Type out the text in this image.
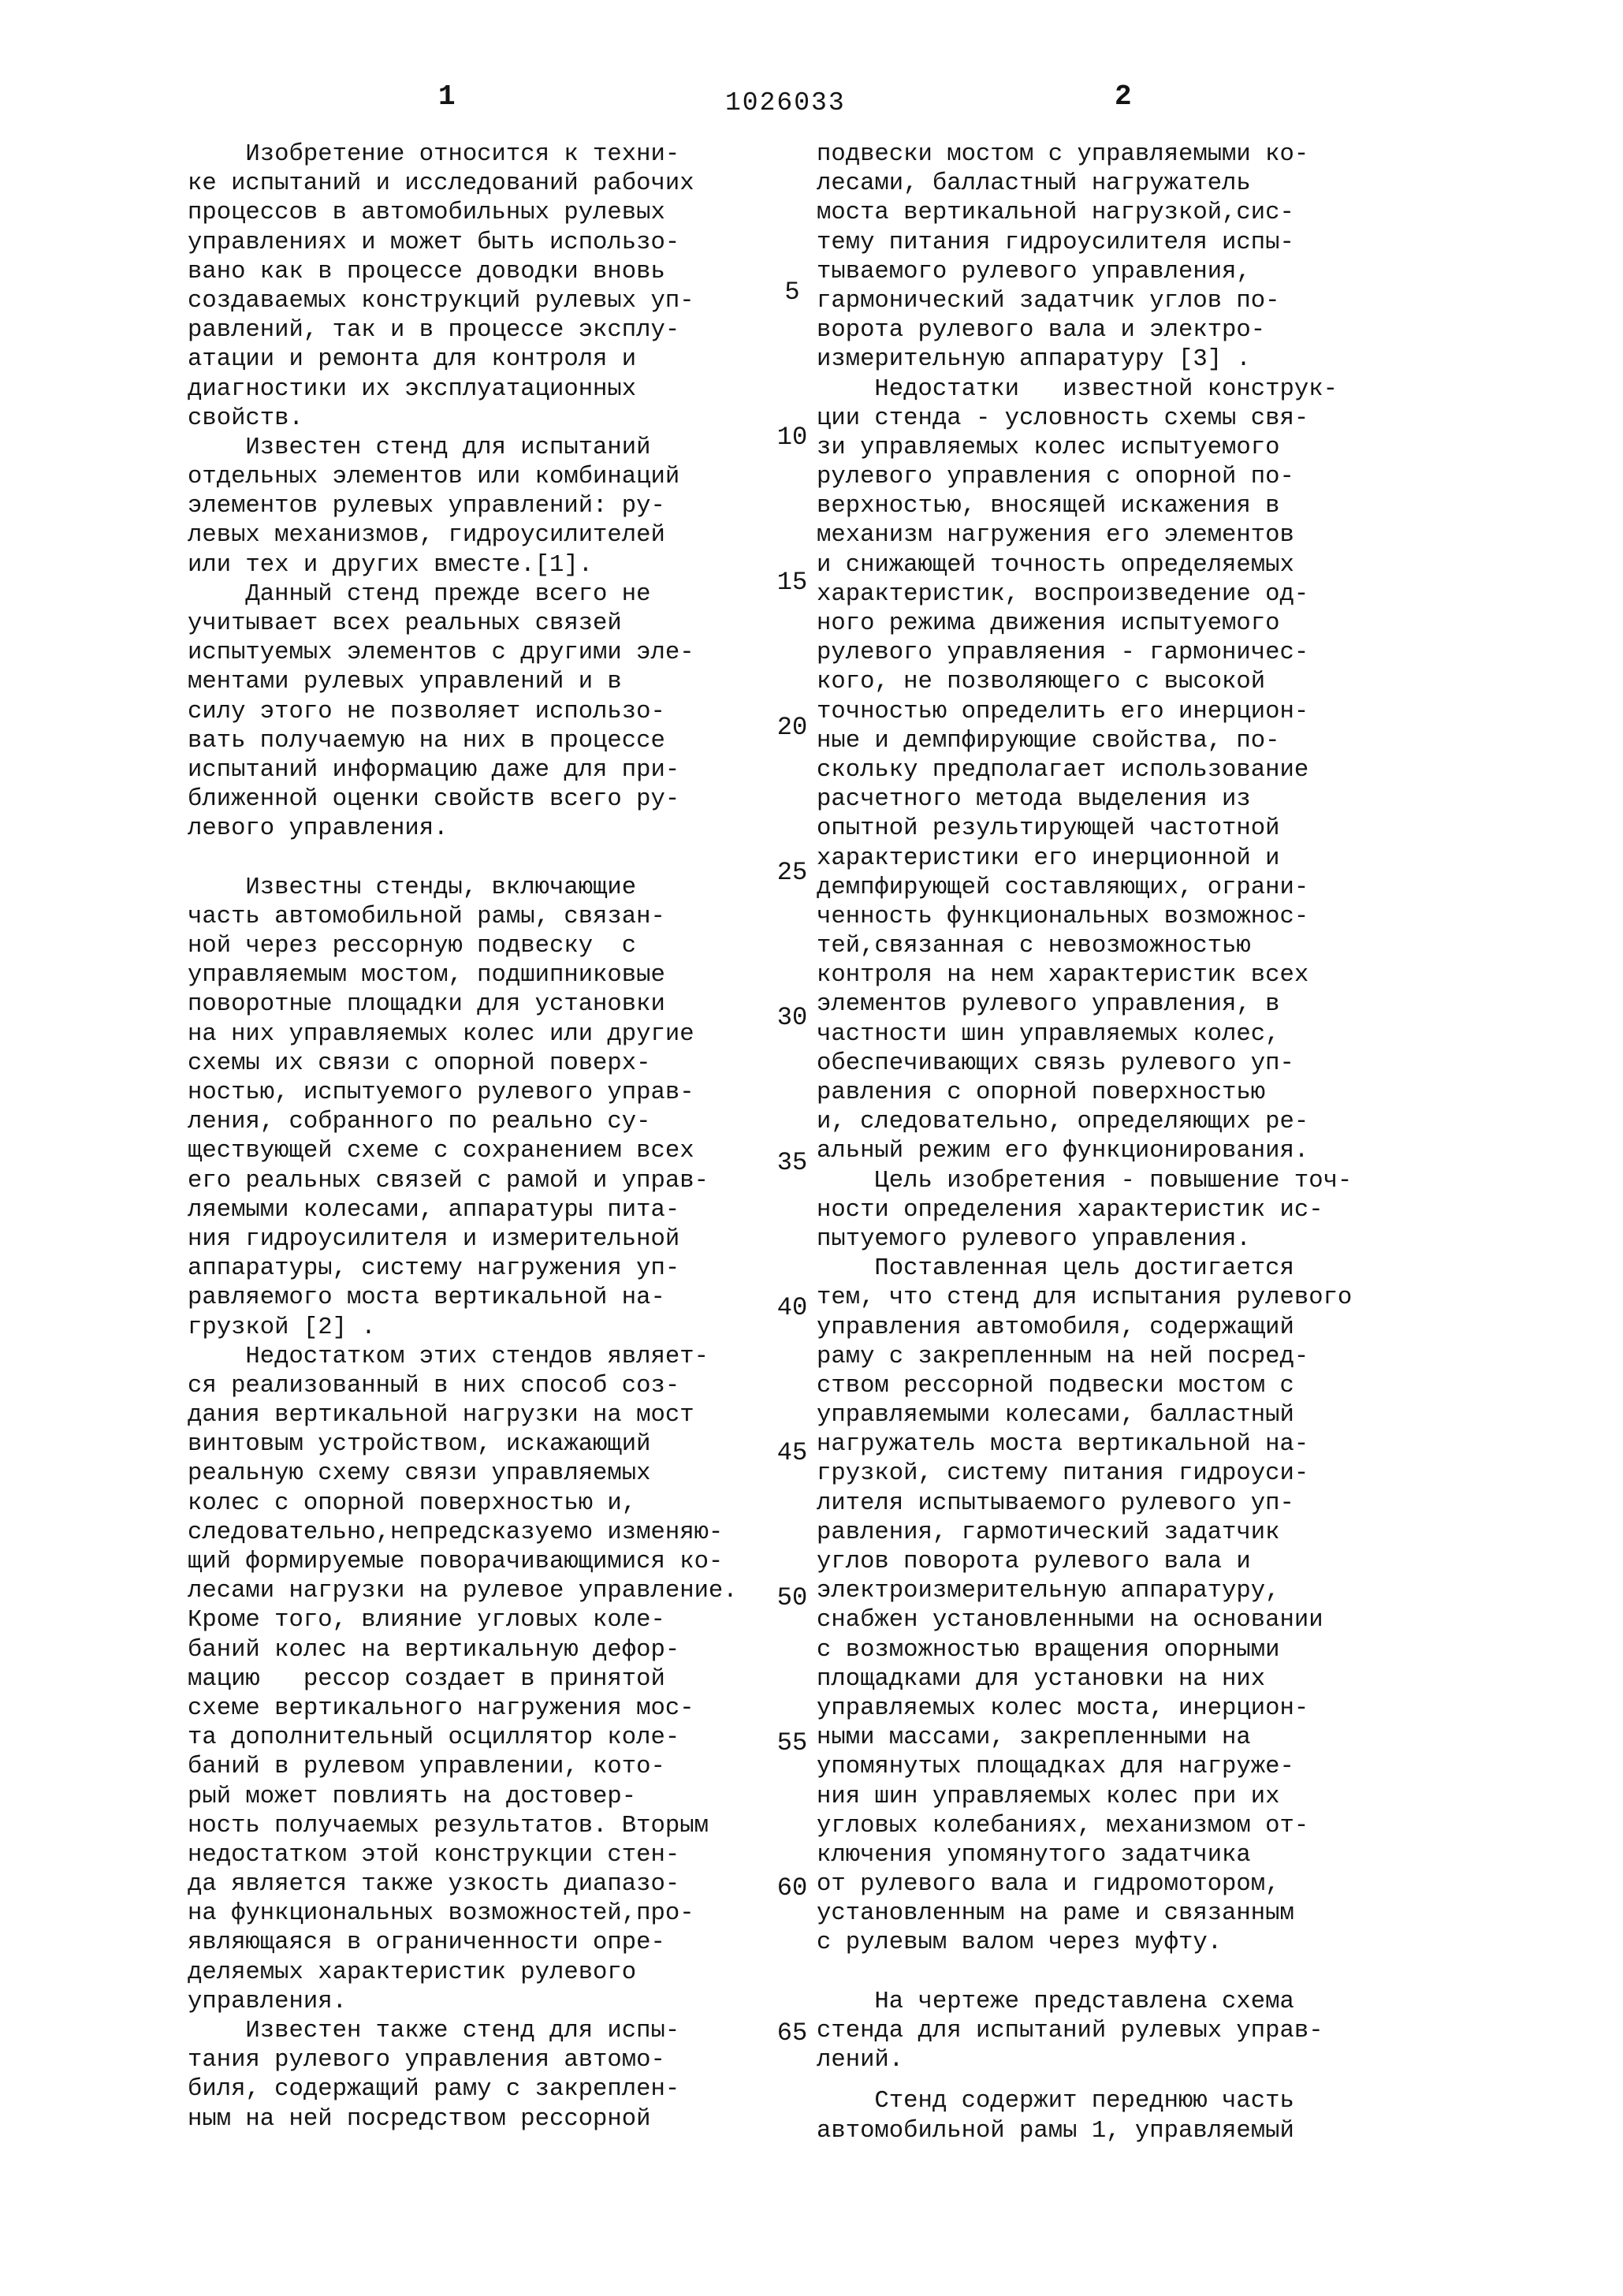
1	1026033	2
Изобретение относится к техни-
ке испытаний и исследований рабочих
процессов в автомобильных рулевых
управлениях и может быть использо-
вано как в процессе доводки вновь
создаваемых конструкций рулевых уп-
равлений, так и в процессе эксплу-
атации и ремонта для контроля и
диагностики их эксплуатационных
свойств.
Известен стенд для испытаний
отдельных элементов или комбинаций
элементов рулевых управлений: ру-
левых механизмов, гидроусилителей
или тех и других вместе.[1].
Данный стенд прежде всего не
учитывает всех реальных связей
испытуемых элементов с другими эле-
ментами рулевых управлений и в
силу этого не позволяет использо-
вать получаемую на них в процессе
испытаний информацию даже для при-
ближенной оценки свойств всего ру-
левого управления.
Известны стенды, включающие
часть автомобильной рамы, связан-
ной через рессорную подвеску  с
управляемым мостом, подшипниковые
поворотные площадки для установки
на них управляемых колес или другие
схемы их связи с опорной поверх-
ностью, испытуемого рулевого управ-
ления, собранного по реально су-
ществующей схеме с сохранением всех
его реальных связей с рамой и управ-
ляемыми колесами, аппаратуры пита-
ния гидроусилителя и измерительной
аппаратуры, систему нагружения уп-
равляемого моста вертикальной на-
грузкой [2] .
Недостатком этих стендов являет-
ся реализованный в них способ соз-
дания вертикальной нагрузки на мост
винтовым устройством, искажающий
реальную схему связи управляемых
колес с опорной поверхностью и,
следовательно,непредсказуемо изменяю-
щий формируемые поворачивающимися ко-
лесами нагрузки на рулевое управление.
Кроме того, влияние угловых коле-
баний колес на вертикальную дефор-
мацию   рессор создает в принятой
схеме вертикального нагружения мос-
та дополнительный осциллятор коле-
баний в рулевом управлении, кото-
рый может повлиять на достовер-
ность получаемых результатов. Вторым
недостатком этой конструкции стен-
да является также узкость диапазо-
на функциональных возможностей,про-
являющаяся в ограниченности опре-
деляемых характеристик рулевого
управления.
Известен также стенд для испы-
тания рулевого управления автомо-
биля, содержащий раму с закреплен-
ным на ней посредством рессорной
подвески мостом с управляемыми ко-
лесами, балластный нагружатель
моста вертикальной нагрузкой,сис-
тему питания гидроусилителя испы-
тываемого рулевого управления,
гармонический задатчик углов по-
ворота рулевого вала и электро-
измерительную аппаратуру [3] .
Недостатки   известной конструк-
ции стенда - условность схемы свя-
зи управляемых колес испытуемого
рулевого управления с опорной по-
верхностью, вносящей искажения в
механизм нагружения его элементов
и снижающей точность определяемых
характеристик, воспроизведение од-
ного режима движения испытуемого
рулевого управляения - гармоничес-
кого, не позволяющего с высокой
точностью определить его инерцион-
ные и демпфирующие свойства, по-
скольку предполагает использование
расчетного метода выделения из
опытной результирующей частотной
характеристики его инерционной и
демпфирующей составляющих, ограни-
ченность функциональных возможнос-
тей,связанная с невозможностью
контроля на нем характеристик всех
элементов рулевого управления, в
частности шин управляемых колес,
обеспечивающих связь рулевого уп-
равления с опорной поверхностью
и, следовательно, определяющих ре-
альный режим его функционирования.
Цель изобретения - повышение точ-
ности определения характеристик ис-
пытуемого рулевого управления.
Поставленная цель достигается
тем, что стенд для испытания рулевого
управления автомобиля, содержащий
раму с закрепленным на ней посред-
ством рессорной подвески мостом с
управляемыми колесами, балластный
нагружатель моста вертикальной на-
грузкой, систему питания гидроуси-
лителя испытываемого рулевого уп-
равления, гармотический задатчик
углов поворота рулевого вала и
электроизмерительную аппаратуру,
снабжен установленными на основании
с возможностью вращения опорными
площадками для установки на них
управляемых колес моста, инерцион-
ными массами, закрепленными на
упомянутых площадках для нагруже-
ния шин управляемых колес при их
угловых колебаниях, механизмом от-
ключения упомянутого задатчика
от рулевого вала и гидромотором,
установленным на раме и связанным
с рулевым валом через муфту.
На чертеже представлена схема
стенда для испытаний рулевых управ-
лений.
Стенд содержит переднюю часть
автомобильной рамы 1, управляемый
5
10
15
20
25
30
35
40
45
50
55
60
65
